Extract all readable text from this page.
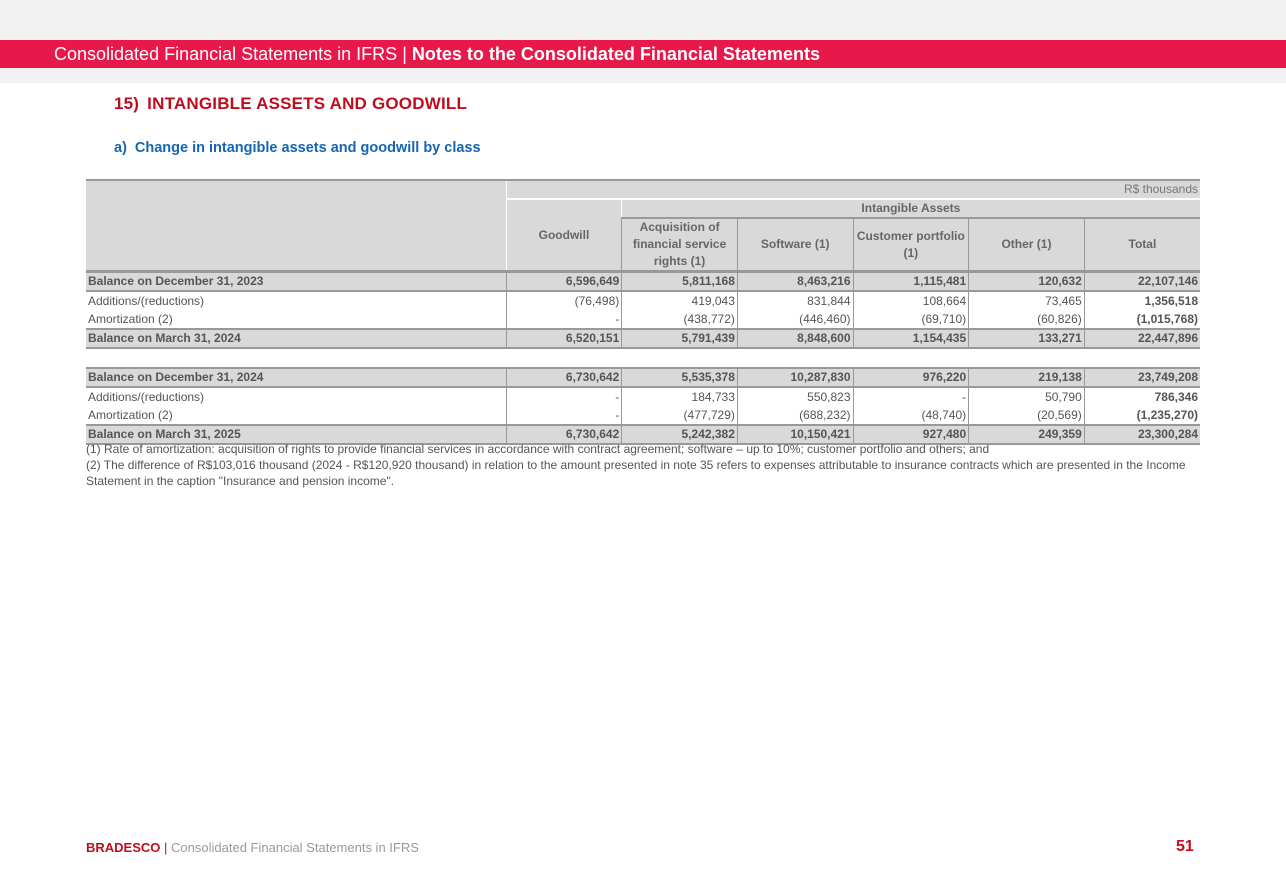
Consolidated Financial Statements in IFRS | Notes to the Consolidated Financial Statements
15) INTANGIBLE ASSETS AND GOODWILL
a) Change in intangible assets and goodwill by class
	R$ thousands					
	Goodwill	Intangible Assets				
		Acquisition of financial service rights (1)	Software (1)	Customer portfolio (1)	Other (1)	Total
Balance on December 31, 2023	6,596,649	5,811,168	8,463,216	1,115,481	120,632	22,107,146
Additions/(reductions)	(76,498)	419,043	831,844	108,664	73,465	1,356,518
Amortization (2)	-	(438,772)	(446,460)	(69,710)	(60,826)	(1,015,768)
Balance on March 31, 2024	6,520,151	5,791,439	8,848,600	1,154,435	133,271	22,447,896

Balance on December 31, 2024	6,730,642	5,535,378	10,287,830	976,220	219,138	23,749,208
Additions/(reductions)	-	184,733	550,823	-	50,790	786,346
Amortization (2)	-	(477,729)	(688,232)	(48,740)	(20,569)	(1,235,270)
Balance on March 31, 2025	6,730,642	5,242,382	10,150,421	927,480	249,359	23,300,284

(1) Rate of amortization: acquisition of rights to provide financial services in accordance with contract agreement; software – up to 10%; customer portfolio and others; and

(2) The difference of R$103,016 thousand (2024 - R$120,920 thousand) in relation to the amount presented in note 35 refers to expenses attributable to insurance contracts which are presented in the Income Statement in the caption "Insurance and pension income".

BRADESCO | Consolidated Financial Statements in IFRS	51
